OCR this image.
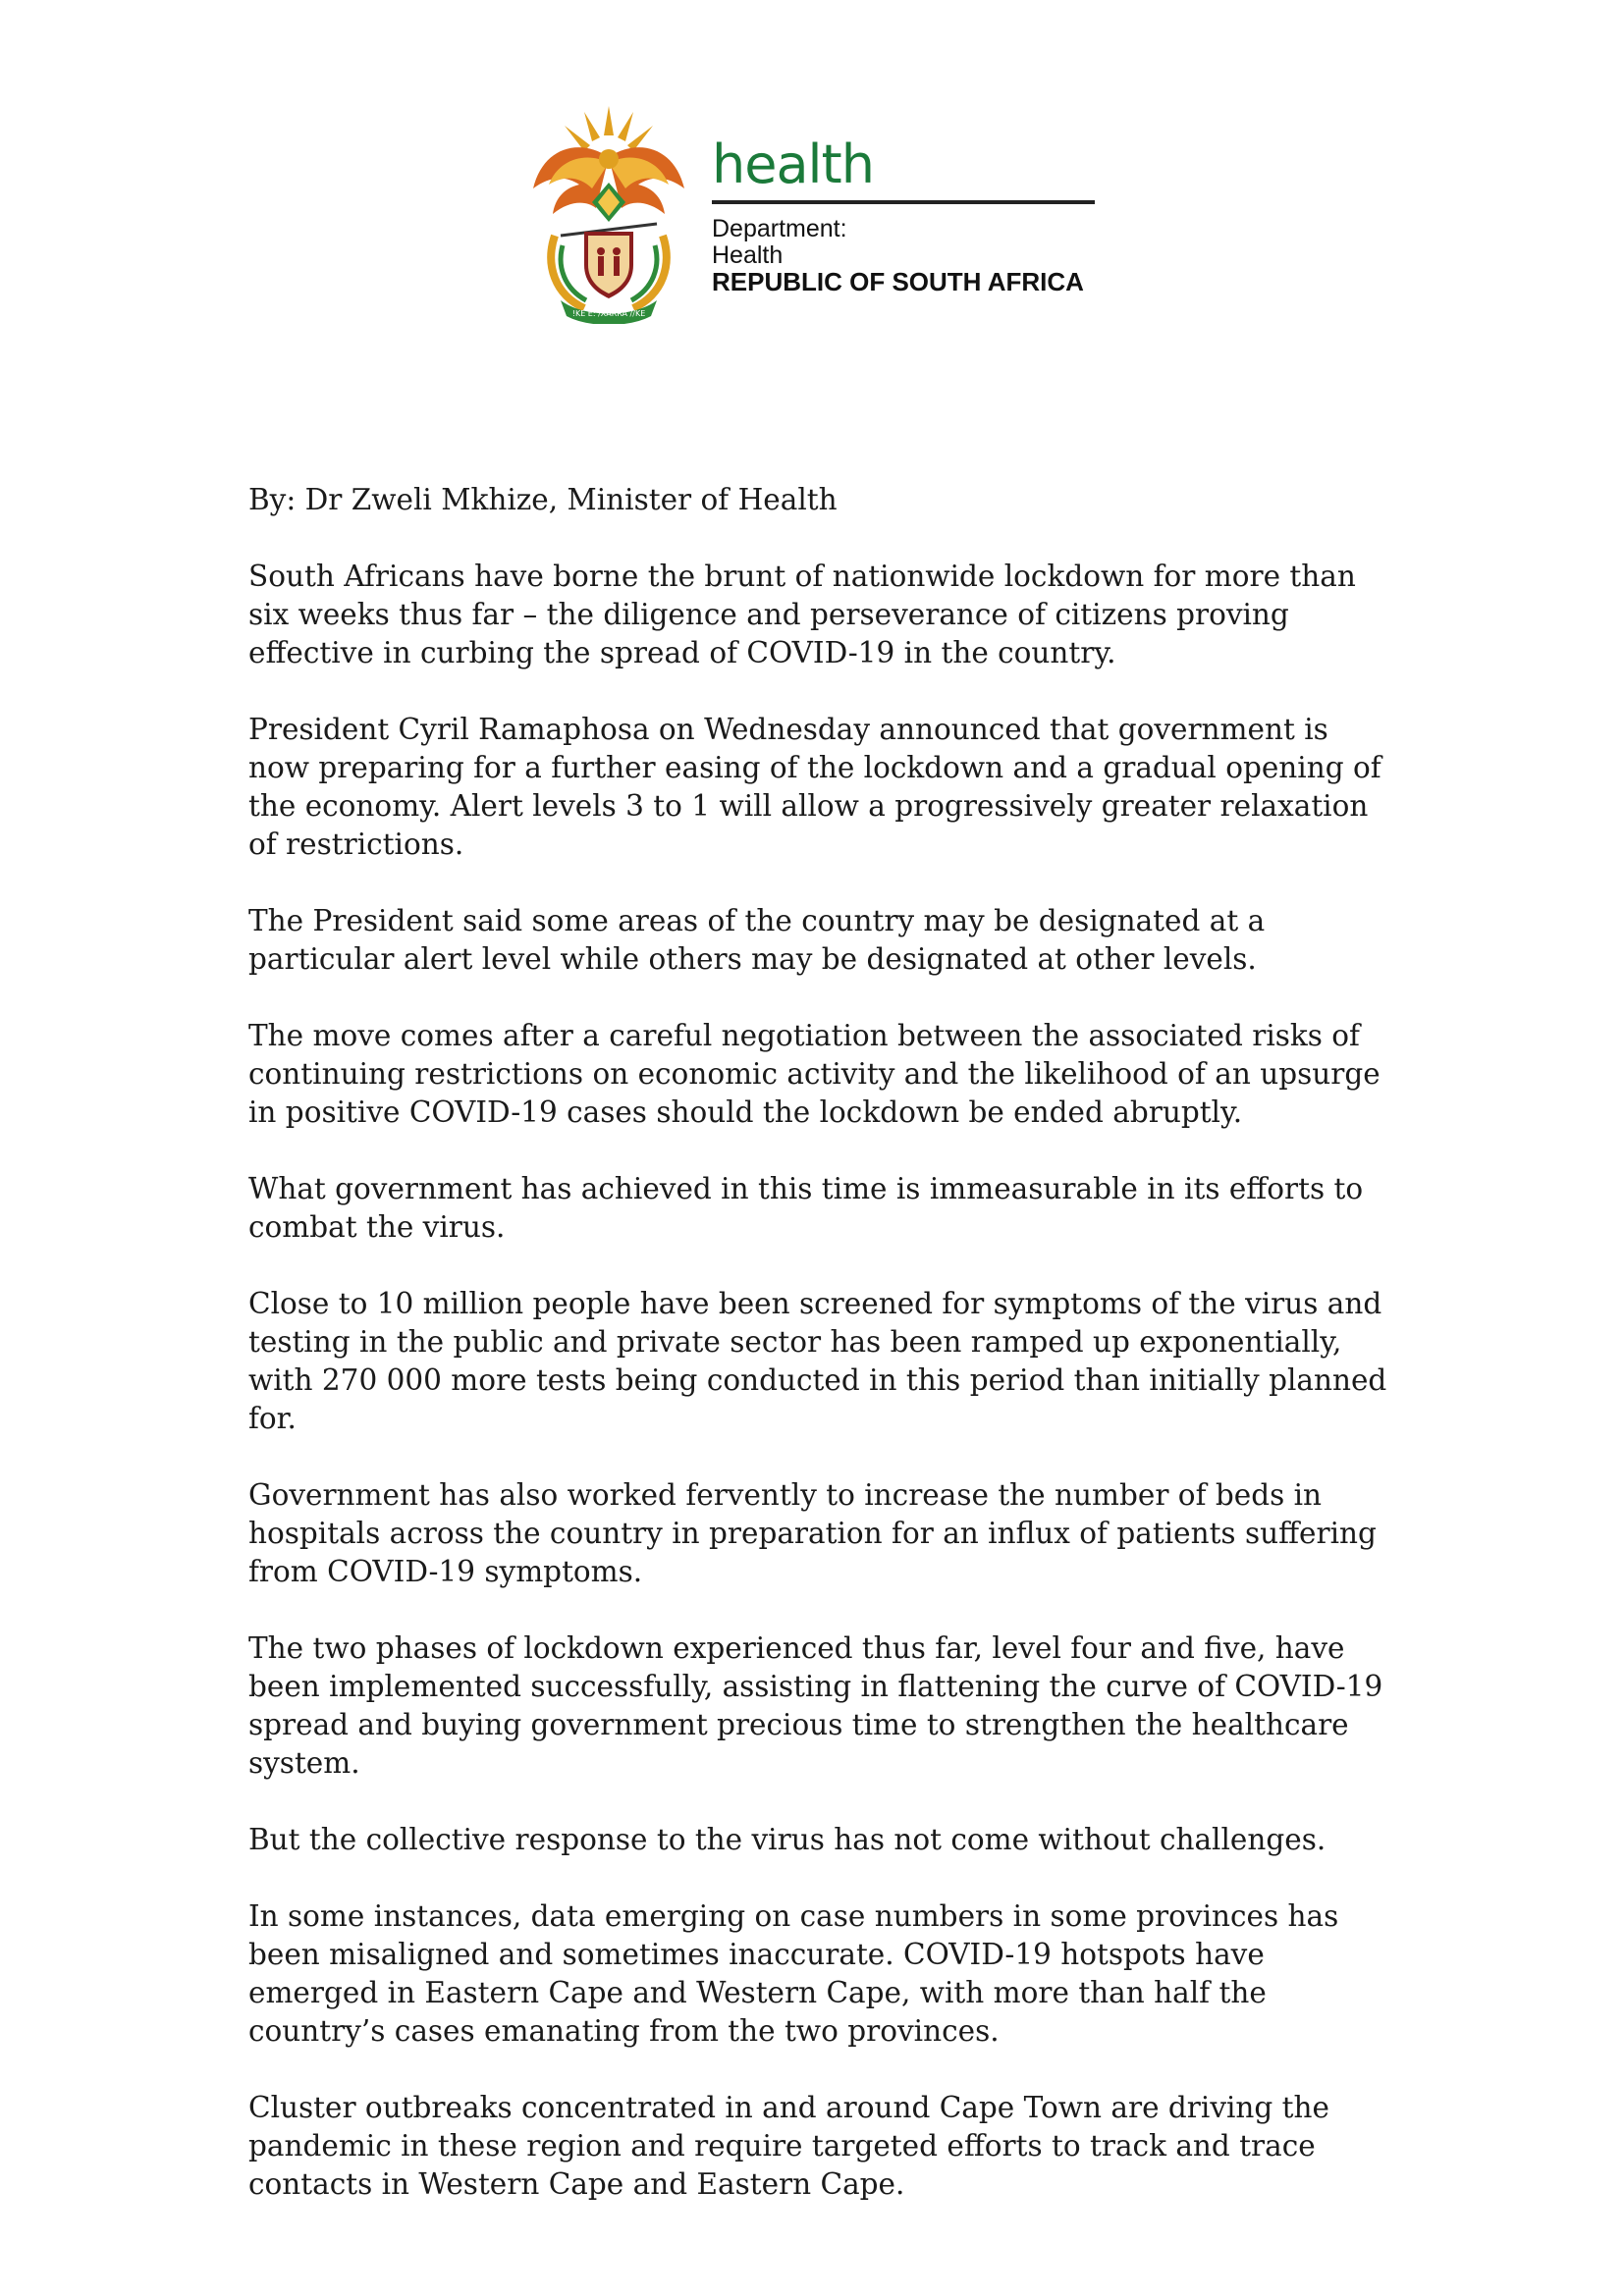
!KE E: /XARRA //KE
health
Department:
Health
REPUBLIC OF SOUTH AFRICA

By: Dr Zweli Mkhize, Minister of Health

South Africans have borne the brunt of nationwide lockdown for more than six weeks thus far – the diligence and perseverance of citizens proving effective in curbing the spread of COVID-19 in the country.

President Cyril Ramaphosa on Wednesday announced that government is now preparing for a further easing of the lockdown and a gradual opening of the economy. Alert levels 3 to 1 will allow a progressively greater relaxation of restrictions.

The President said some areas of the country may be designated at a particular alert level while others may be designated at other levels.

The move comes after a careful negotiation between the associated risks of continuing restrictions on economic activity and the likelihood of an upsurge in positive COVID-19 cases should the lockdown be ended abruptly.

What government has achieved in this time is immeasurable in its efforts to combat the virus.

Close to 10 million people have been screened for symptoms of the virus and testing in the public and private sector has been ramped up exponentially, with 270 000 more tests being conducted in this period than initially planned for.

Government has also worked fervently to increase the number of beds in hospitals across the country in preparation for an influx of patients suffering from COVID-19 symptoms.

The two phases of lockdown experienced thus far, level four and five, have been implemented successfully, assisting in flattening the curve of COVID-19 spread and buying government precious time to strengthen the healthcare system.

But the collective response to the virus has not come without challenges.

In some instances, data emerging on case numbers in some provinces has been misaligned and sometimes inaccurate. COVID-19 hotspots have emerged in Eastern Cape and Western Cape, with more than half the country’s cases emanating from the two provinces.

Cluster outbreaks concentrated in and around Cape Town are driving the pandemic in these region and require targeted efforts to track and trace contacts in Western Cape and Eastern Cape.
